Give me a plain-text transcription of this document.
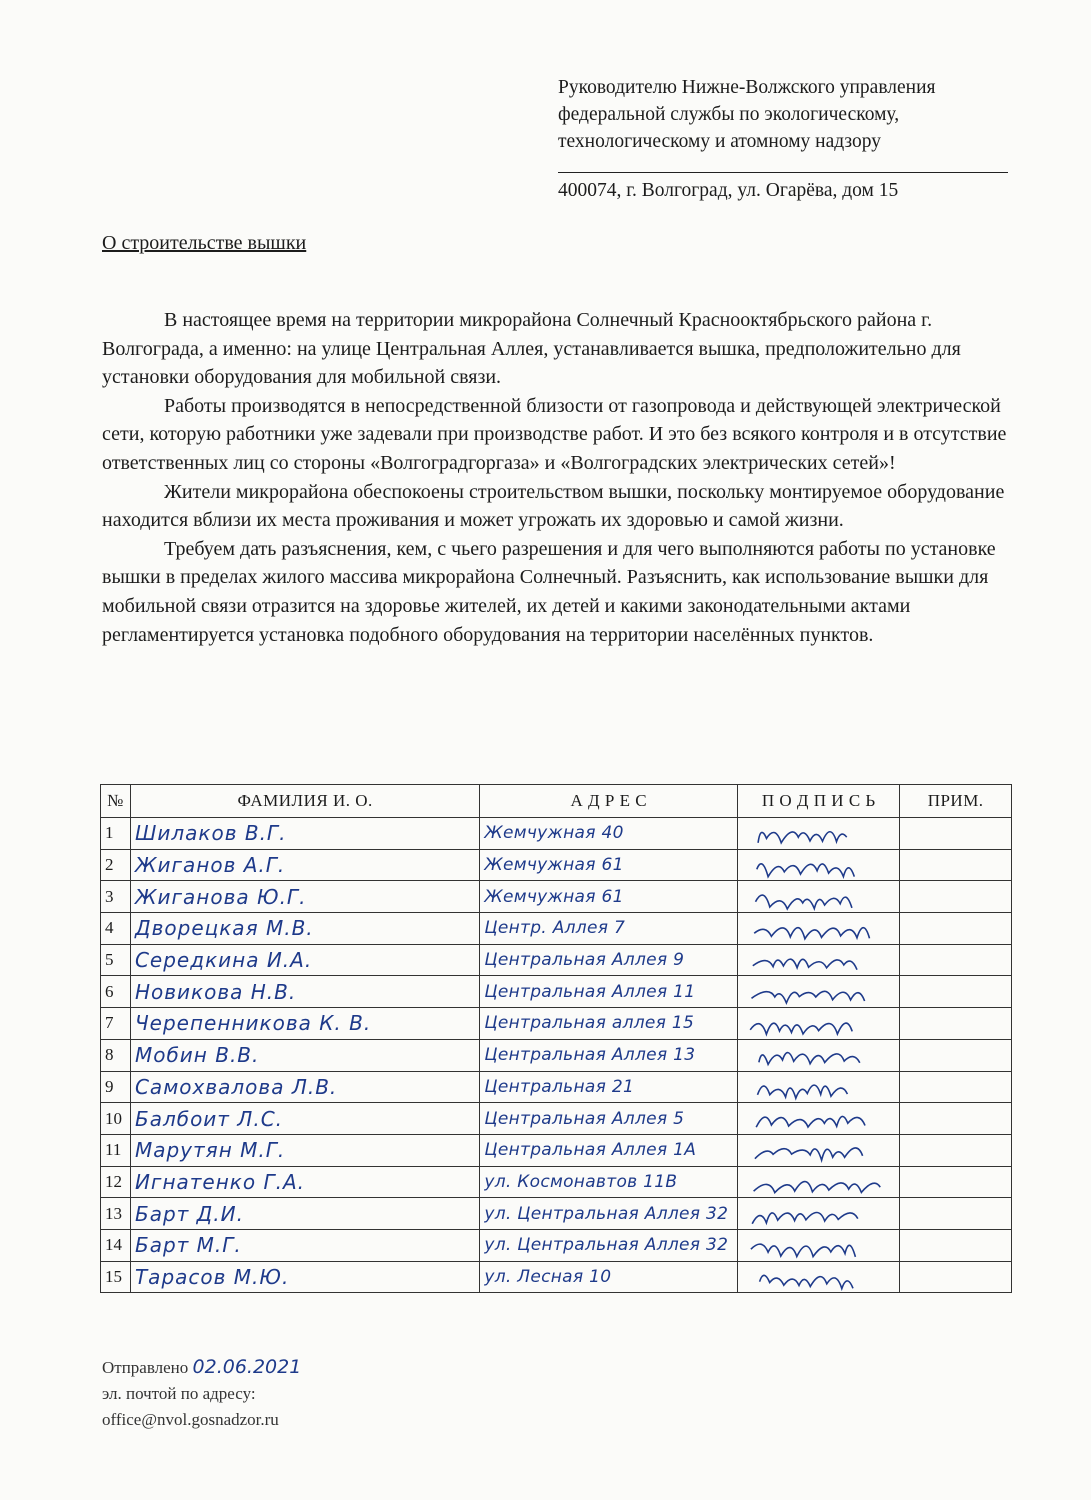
Руководителю Нижне-Волжского управления
федеральной службы по экологическому,
технологическому и атомному надзору
400074, г. Волгоград, ул. Огарёва, дом 15
О строительстве вышки

В настоящее время на территории микрорайона Солнечный Краснооктябрьского района г. Волгограда, а именно: на улице Центральная Аллея, устанавливается вышка, предположительно для установки оборудования для мобильной связи.

Работы производятся в непосредственной близости от газопровода и действующей электрической сети, которую работники уже задевали при производстве работ. И это без всякого контроля и в отсутствие ответственных лиц со стороны «Волгоградгоргаза» и «Волгоградских электрических сетей»!

Жители микрорайона обеспокоены строительством вышки, поскольку монтируемое оборудование находится вблизи их места проживания и может угрожать их здоровью и самой жизни.

Требуем дать разъяснения, кем, с чьего разрешения и для чего выполняются работы по установке вышки в пределах жилого массива микрорайона Солнечный. Разъяснить, как использование вышки для мобильной связи отразится на здоровье жителей, их детей и какими законодательными актами регламентируется установка подобного оборудования на территории населённых пунктов.

№	ФАМИЛИЯ И. О.	А Д Р Е С	П О Д П И С Ь	ПРИМ.
1	Шилаков В.Г.	Жемчужная 40	

2	Жиганов А.Г.	Жемчужная 61	

3	Жиганова Ю.Г.	Жемчужная 61	

4	Дворецкая М.В.	Центр. Аллея 7	

5	Середкина И.А.	Центральная Аллея 9	

6	Новикова Н.В.	Центральная Аллея 11	

7	Черепенникова К. В.	Центральная аллея 15	

8	Мобин В.В.	Центральная Аллея 13	

9	Самохвалова Л.В.	Центральная 21	

10	Балбоит Л.С.	Центральная Аллея 5	

11	Марутян М.Г.	Центральная Аллея 1А	

12	Игнатенко Г.А.	ул. Космонавтов 11В	

13	Барт Д.И.	ул. Центральная Аллея 32	

14	Барт М.Г.	ул. Центральная Аллея 32	

15	Тарасов М.Ю.	ул. Лесная 10	

Отправлено 02.06.2021
эл. почтой по адресу:
office@nvol.gosnadzor.ru
